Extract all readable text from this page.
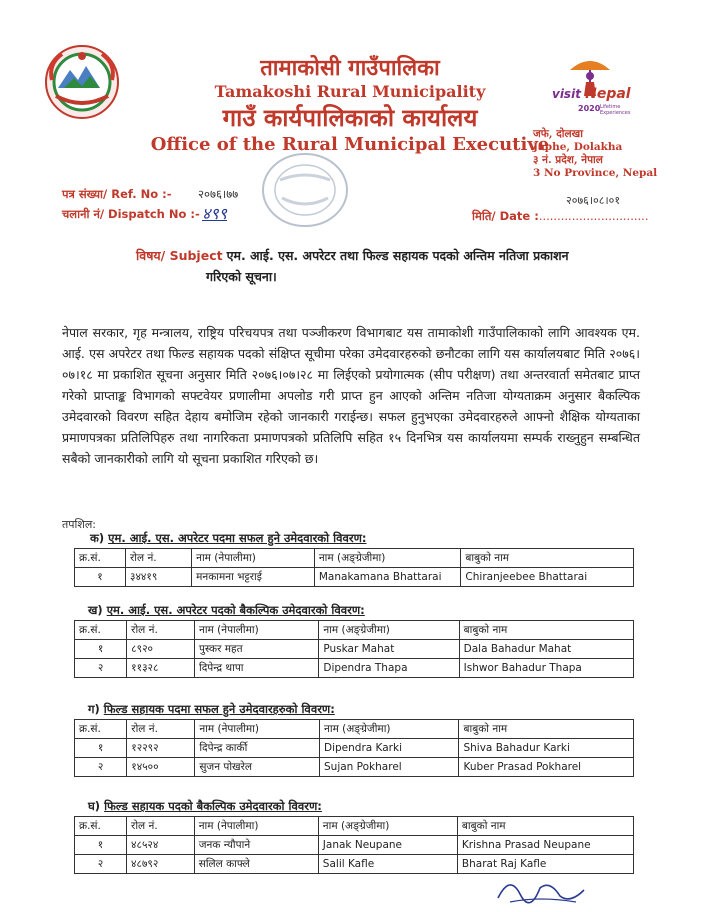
तामाकोसी गाउँपालिका
Tamakoshi Rural Municipality
गाउँ कार्यपालिकाको कार्यालय
Office of the Rural Municipal Executive
visit Nepal
2020 Lifetime Experiences
जफे, दोलखा
Japhe, Dolakha
३ नं. प्रदेश, नेपाल
3 No Province, Nepal
पत्र संख्या/ Ref. No :- २०७६।७७
चलानी नं/ Dispatch No :- ४९९
२०७६।०८।०१
मिति/ Date :..............................
विषय/ Subject एम. आई. एस. अपरेटर तथा फिल्ड सहायक पदको अन्तिम नतिजा प्रकाशन
गरिएको सूचना।
नेपाल सरकार, गृह मन्त्रालय, राष्ट्रिय परिचयपत्र तथा पञ्जीकरण विभागबाट यस तामाकोशी गाउँपालिकाको लागि आवश्यक एम. आई. एस अपरेटर तथा फिल्ड सहायक पदको संक्षिप्त सूचीमा परेका उमेदवारहरुको छनौटका लागि यस कार्यालयबाट मिति २०७६।०७।१८ मा प्रकाशित सूचना अनुसार मिति २०७६।०७।२८ मा लिईएको प्रयोगात्मक (सीप परीक्षण) तथा अन्तरवार्ता समेतबाट प्राप्त गरेको प्राप्ताङ्क विभागको सफ्टवेयर प्रणालीमा अपलोड गरी प्राप्त हुन आएको अन्तिम नतिजा योग्यताक्रम अनुसार बैकल्पिक उमेदवारको विवरण सहित देहाय बमोजिम रहेको जानकारी गराईन्छ। सफल हुनुभएका उमेदवारहरुले आफ्नो शैक्षिक योग्यताका प्रमाणपत्रका प्रतिलिपिहरु तथा नागरिकता प्रमाणपत्रको प्रतिलिपि सहित १५ दिनभित्र यस कार्यालयमा सम्पर्क राख्नुहुन सम्बन्धित सबैको जानकारीको लागि यो सूचना प्रकाशित गरिएको छ।
तपशिल:
क) एम. आई. एस. अपरेटर पदमा सफल हुने उमेदवारको विवरण:
क्र.सं.	रोल नं.	नाम (नेपालीमा)	नाम (अङ्ग्रेजीमा)	बाबुको नाम
१	३४४१९	मनकामना भट्टराई	Manakamana Bhattarai	Chiranjeebee Bhattarai
ख) एम. आई. एस. अपरेटर पदको बैकल्पिक उमेदवारको विवरण:
क्र.सं.	रोल नं.	नाम (नेपालीमा)	नाम (अङ्ग्रेजीमा)	बाबुको नाम
१	८९२०	पुस्कर महत	Puskar Mahat	Dala Bahadur Mahat
२	११३२८	दिपेन्द्र थापा	Dipendra Thapa	Ishwor Bahadur Thapa
ग) फिल्ड सहायक पदमा सफल हुने उमेदवारहरुको विवरण:
क्र.सं.	रोल नं.	नाम (नेपालीमा)	नाम (अङ्ग्रेजीमा)	बाबुको नाम
१	१२२९२	दिपेन्द्र कार्की	Dipendra Karki	Shiva Bahadur Karki
२	१४५००	सुजन पोखरेल	Sujan Pokharel	Kuber Prasad Pokharel
घ) फिल्ड सहायक पदको बैकल्पिक उमेदवारको विवरण:
क्र.सं.	रोल नं.	नाम (नेपालीमा)	नाम (अङ्ग्रेजीमा)	बाबुको नाम
१	४८५२४	जनक न्यौपाने	Janak Neupane	Krishna Prasad Neupane
२	४८७९२	सलिल काफ्ले	Salil Kafle	Bharat Raj Kafle
